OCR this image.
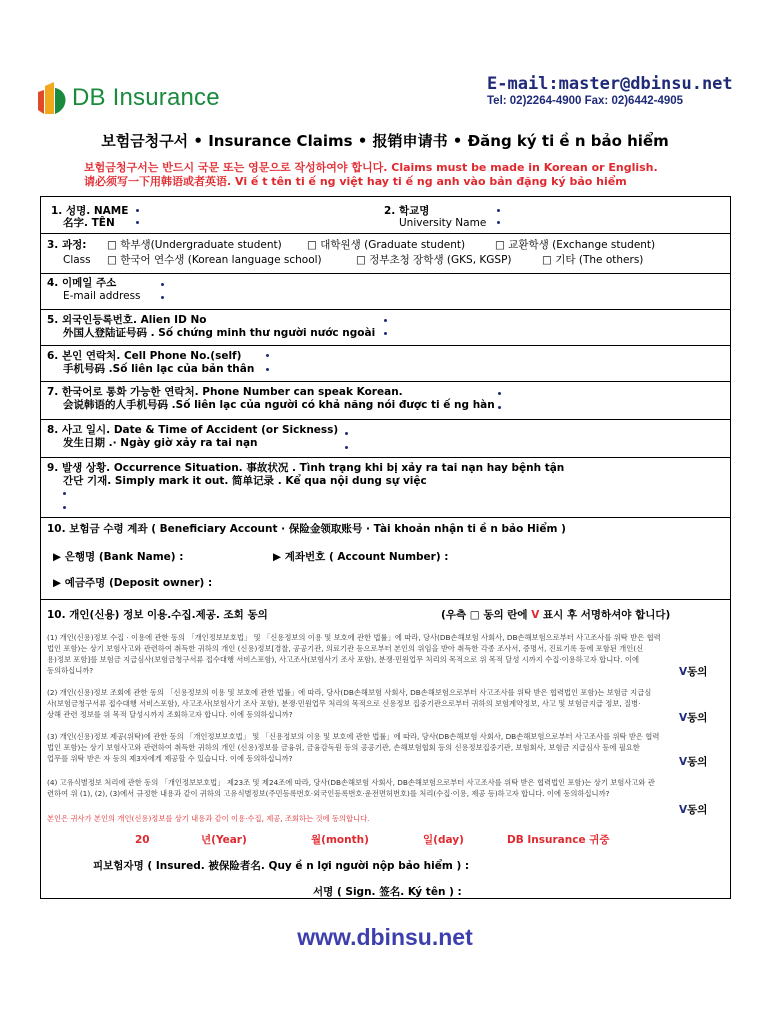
DB Insurance	E-mail:master@dbinsu.net
Tel: 02)2264-4900 Fax: 02)6442-4905
보험금청구서 • Insurance Claims • 报销申请书 • Đăng ký ti ề n bảo hiểm
보험금청구서는 반드시 국문 또는 영문으로 작성하여야 합니다. Claims must be made in Korean or English.
请必须写一下用韩语或者英语. Vi ế t tên ti ế ng việt hay ti ế ng anh vào bản đặng ký bảo hiểm
1. 성명. NAME
名字. TÊN
2. 학교명
University Name
3. 과정:
Class
□ 학부생(Undergraduate student) □ 대학원생 (Graduate student)	□ 교환학생 (Exchange student)
□ 한국어 연수생 (Korean language school)	□ 정부초청 장학생 (GKS, KGSP)	□ 기타 (The others)
4. 이메일 주소
E-mail address
5. 외국인등록번호. Alien ID No
外国人登陆证号码 . Số chứng minh thư người nước ngoài
6. 본인 연락처. Cell Phone No.(self)
手机号码 .Số liên lạc của bản thân
7. 한국어로 통화 가능한 연락처. Phone Number can speak Korean.
会说韩语的人手机号码 .Số liên lạc của người có khả năng nói được ti ế ng hàn
8. 사고 일시. Date & Time of Accident (or Sickness)
发生日期 .· Ngày giờ xảy ra tai nạn
9. 발생 상황. Occurrence Situation. 事故状况 . Tình trạng khi bị xảy ra tai nạn hay bệnh tận
간단 기재. Simply mark it out. 简单记录 . Kể qua nội dung sự việc
10. 보험금 수령 계좌 ( Beneficiary Account · 保险金领取账号 · Tài khoản nhận ti ề n bảo Hiểm )
▶ 은행명 (Bank Name) :	▶ 계좌번호 ( Account Number) :
▶ 예금주명 (Deposit owner) :
10. 개인(신용) 정보 이용.수집.제공. 조회 동의	(우측 □ 동의 란에 V 표시 후 서명하셔야 합니다)
(1) 개인(신용)정보 수집 · 이용에 관한 동의 「개인정보보호법」 및 「신용정보의 이용 및 보호에 관한 법률」에 따라, 당사(DB손해보험 사회사, DB손해보험으로부터 사고조사를 위탁 받은 협력
법인 포함)는 상기 보험사고와 관련하여 취득한 귀하의 개인 (신용)정보[경찰, 공공기관, 의료기관 등으로부터 본인의 위임을 받아 취득한 각종 조사서, 증명서, 진료기록 등에 포함된 개인(신
용)정보 포함]를 보험금 지급심사(보험금청구서류 접수대행 서비스포함), 사고조사(보험사기 조사 포함), 분쟁·민원업무 처리의 목적으로 위 목적 달성 시까지 수집·이용하고자 합니다. 이에
동의하십니까?	V동의
(2) 개인(신용)정보 조회에 관한 동의 「신용정보의 이용 및 보호에 관한 법률」에 따라, 당사(DB손해보험 사회사, DB손해보험으로부터 사고조사를 위탁 받은 협력법인 포함)는 보험금 지급심
사(보험금청구서류 접수대행 서비스포함), 사고조사(보험사기 조사 포함), 분쟁·민원업무 처리의 목적으로 신용정보 집중기관으로부터 귀하의 보험계약정보, 사고 및 보험금지급 정보, 질병·
상해 관련 정보를 위 목적 달성시까지 조회하고자 합니다. 이에 동의하십니까?	V동의
(3) 개인(신용)정보 제공(위탁)에 관한 동의 「개인정보보호법」 및 「신용정보의 이용 및 보호에 관한 법률」에 따라, 당사(DB손해보험 사회사, DB손해보험으로부터 사고조사를 위탁 받은 협력
법인 포함)는 상기 보험사고와 관련하여 취득한 귀하의 개인 (신용)정보를 금융위, 금융감독원 등의 공공기관, 손해보험협회 등의 신용정보집중기관, 보험회사, 보험금 지급심사 등에 필요한
업무를 위탁 받은 자 등의 제3자에게 제공할 수 있습니다. 이에 동의하십니까?	V동의
(4) 고유식별정보 처리에 관한 동의 「개인정보보호법」 제23조 및 제24조에 따라, 당사(DB손해보험 사회사, DB손해보험으로부터 사고조사를 위탁 받은 협력법인 포함)는 상기 보험사고와 관
련하여 위 (1), (2), (3)에서 규정한 내용과 같이 귀하의 고유식별정보(주민등록번호·외국인등록번호·운전면허번호)를 처리(수집·이용, 제공 등)하고자 합니다. 이에 동의하십니까?
V동의
본인은 귀사가 본인의 개인(신용)정보를 상기 내용과 같이 이용·수집, 제공, 조회하는 것에 동의합니다.
20	년(Year)	월(month)	일(day)	DB Insurance 귀중
피보험자명 ( Insured. 被保险者名. Quy ề n lợi người nộp bảo hiểm ) :
서명 ( Sign. 签名. Ký tên ) :
www.dbinsu.net
